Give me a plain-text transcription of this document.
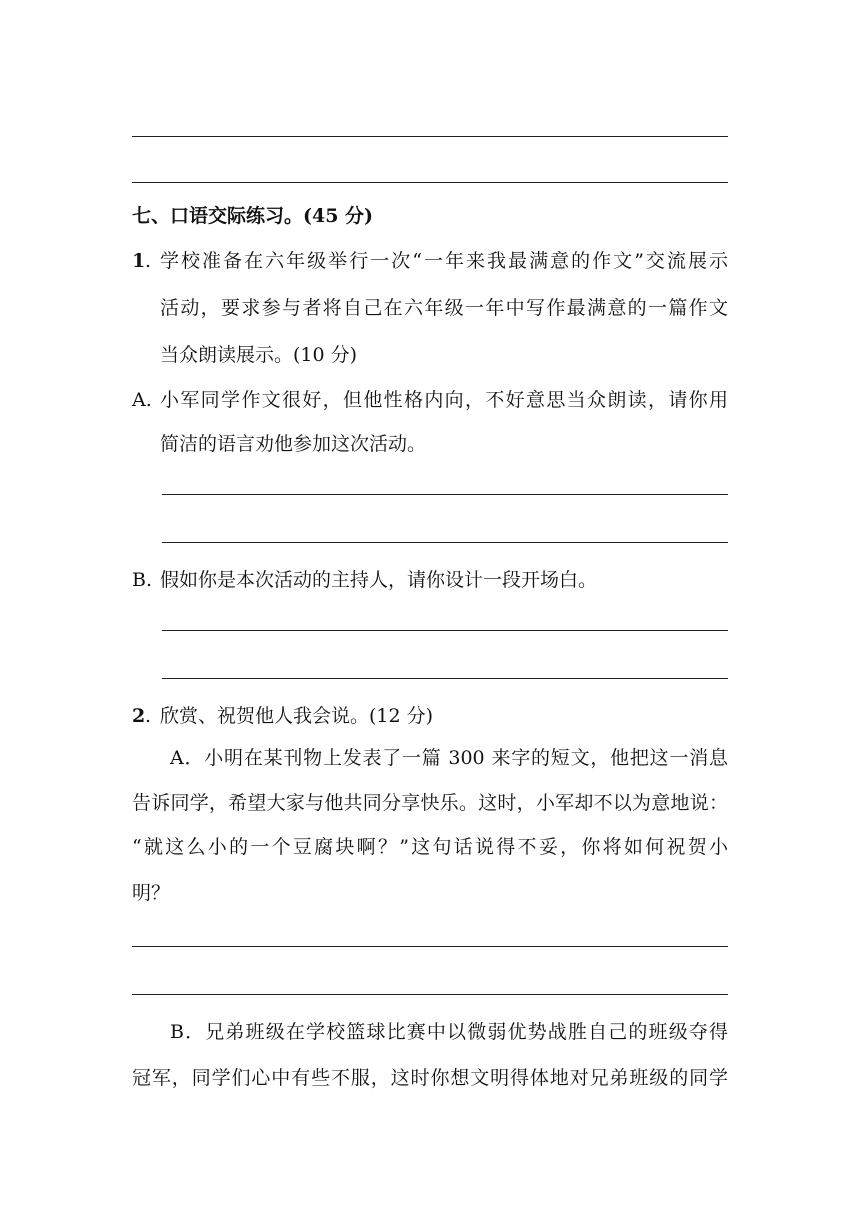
七、口语交际练习。(45 分)
1 . 学校准备在六年级举行一次“一年来我最满意的作文”交流展示
活动，要求参与者将自己在六年级一年中写作最满意的一篇作文
当众朗读展示。(10 分)
A. 小军同学作文很好，但他性格内向，不好意思当众朗读，请你用
简洁的语言劝他参加这次活动。
B. 假如你是本次活动的主持人，请你设计一段开场白。
2 . 欣赏、祝贺他人我会说。(12 分)
A．小明在某刊物上发表了一篇 300 来字的短文，他把这一消息
告诉同学，希望大家与他共同分享快乐。这时，小军却不以为意地说：
“就这么小的一个豆腐块啊？”这句话说得不妥，你将如何祝贺小
明？
B．兄弟班级在学校篮球比赛中以微弱优势战胜自己的班级夺得
冠军，同学们心中有些不服，这时你想文明得体地对兄弟班级的同学
